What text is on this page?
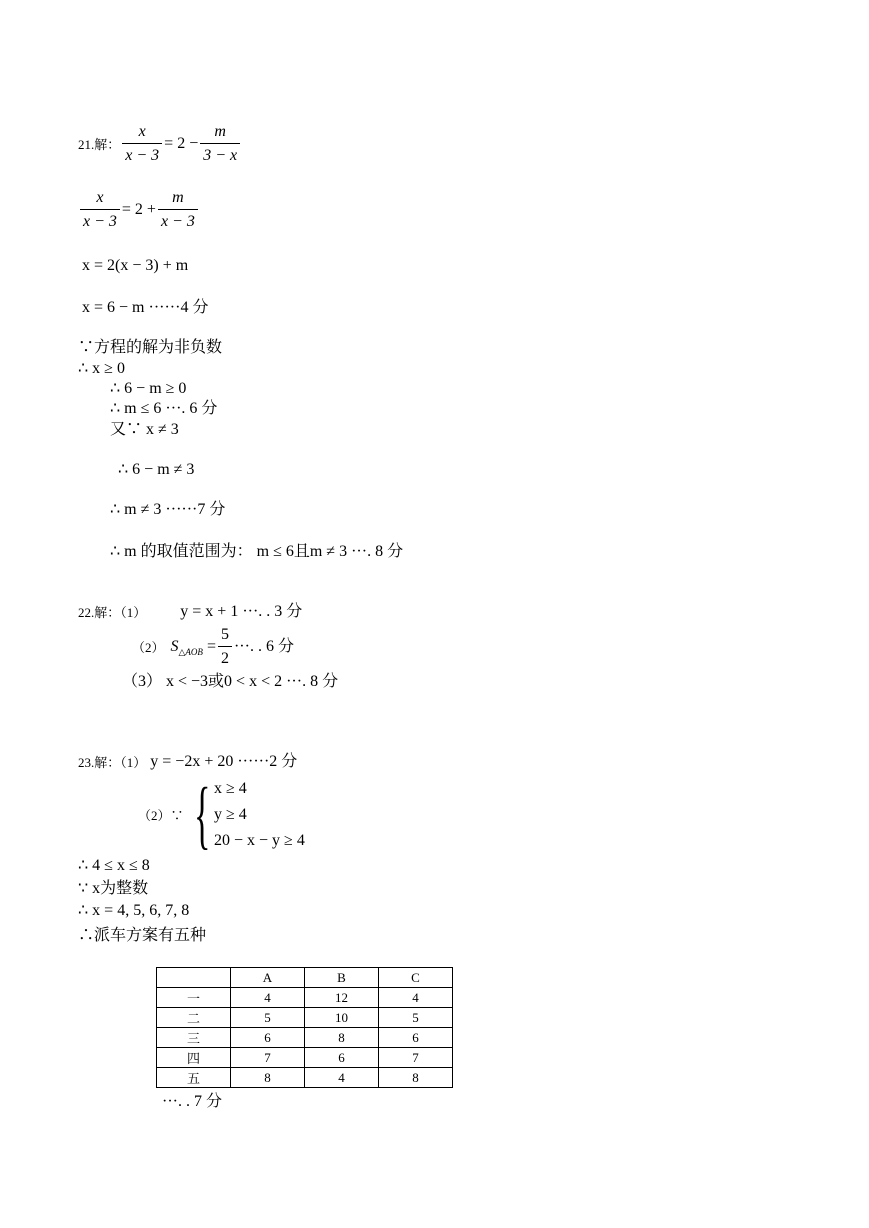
21.解： $\frac{x}{x - 3} = 2 - \frac{m}{3 - x}$
$\frac{x}{x - 3} = 2 + \frac{m}{x - 3}$
x = 2(x − 3) + m
x = 6 − m ······4 分
∵方程的解为非负数
∴ x ≥ 0
∴ 6 − m ≥ 0
∴ m ≤ 6 ···. 6 分
又∵ x ≠ 3
∴ 6 − m ≠ 3
∴ m ≠ 3 ······7 分
∴ m 的取值范围为： m ≤ 6且m ≠ 3 ···. 8 分
22.解：（1） y = x + 1 ···. . 3 分
（2） S △AOB = $\frac{5}{2}$ ···. . 6 分
（3） x < −3或0 < x < 2 ···. 8 分
23.解：（1） y = −2x + 20 ······2 分
（2）∵ { x ≥ 4
y ≥ 4
20 − x − y ≥ 4
∴ 4 ≤ x ≤ 8
∵ x为整数
∴ x = 4, 5, 6, 7, 8
∴派车方案有五种
	A	B	C
一	4	12	4
二	5	10	5
三	6	8	6
四	7	6	7
五	8	4	8
···. . 7 分
